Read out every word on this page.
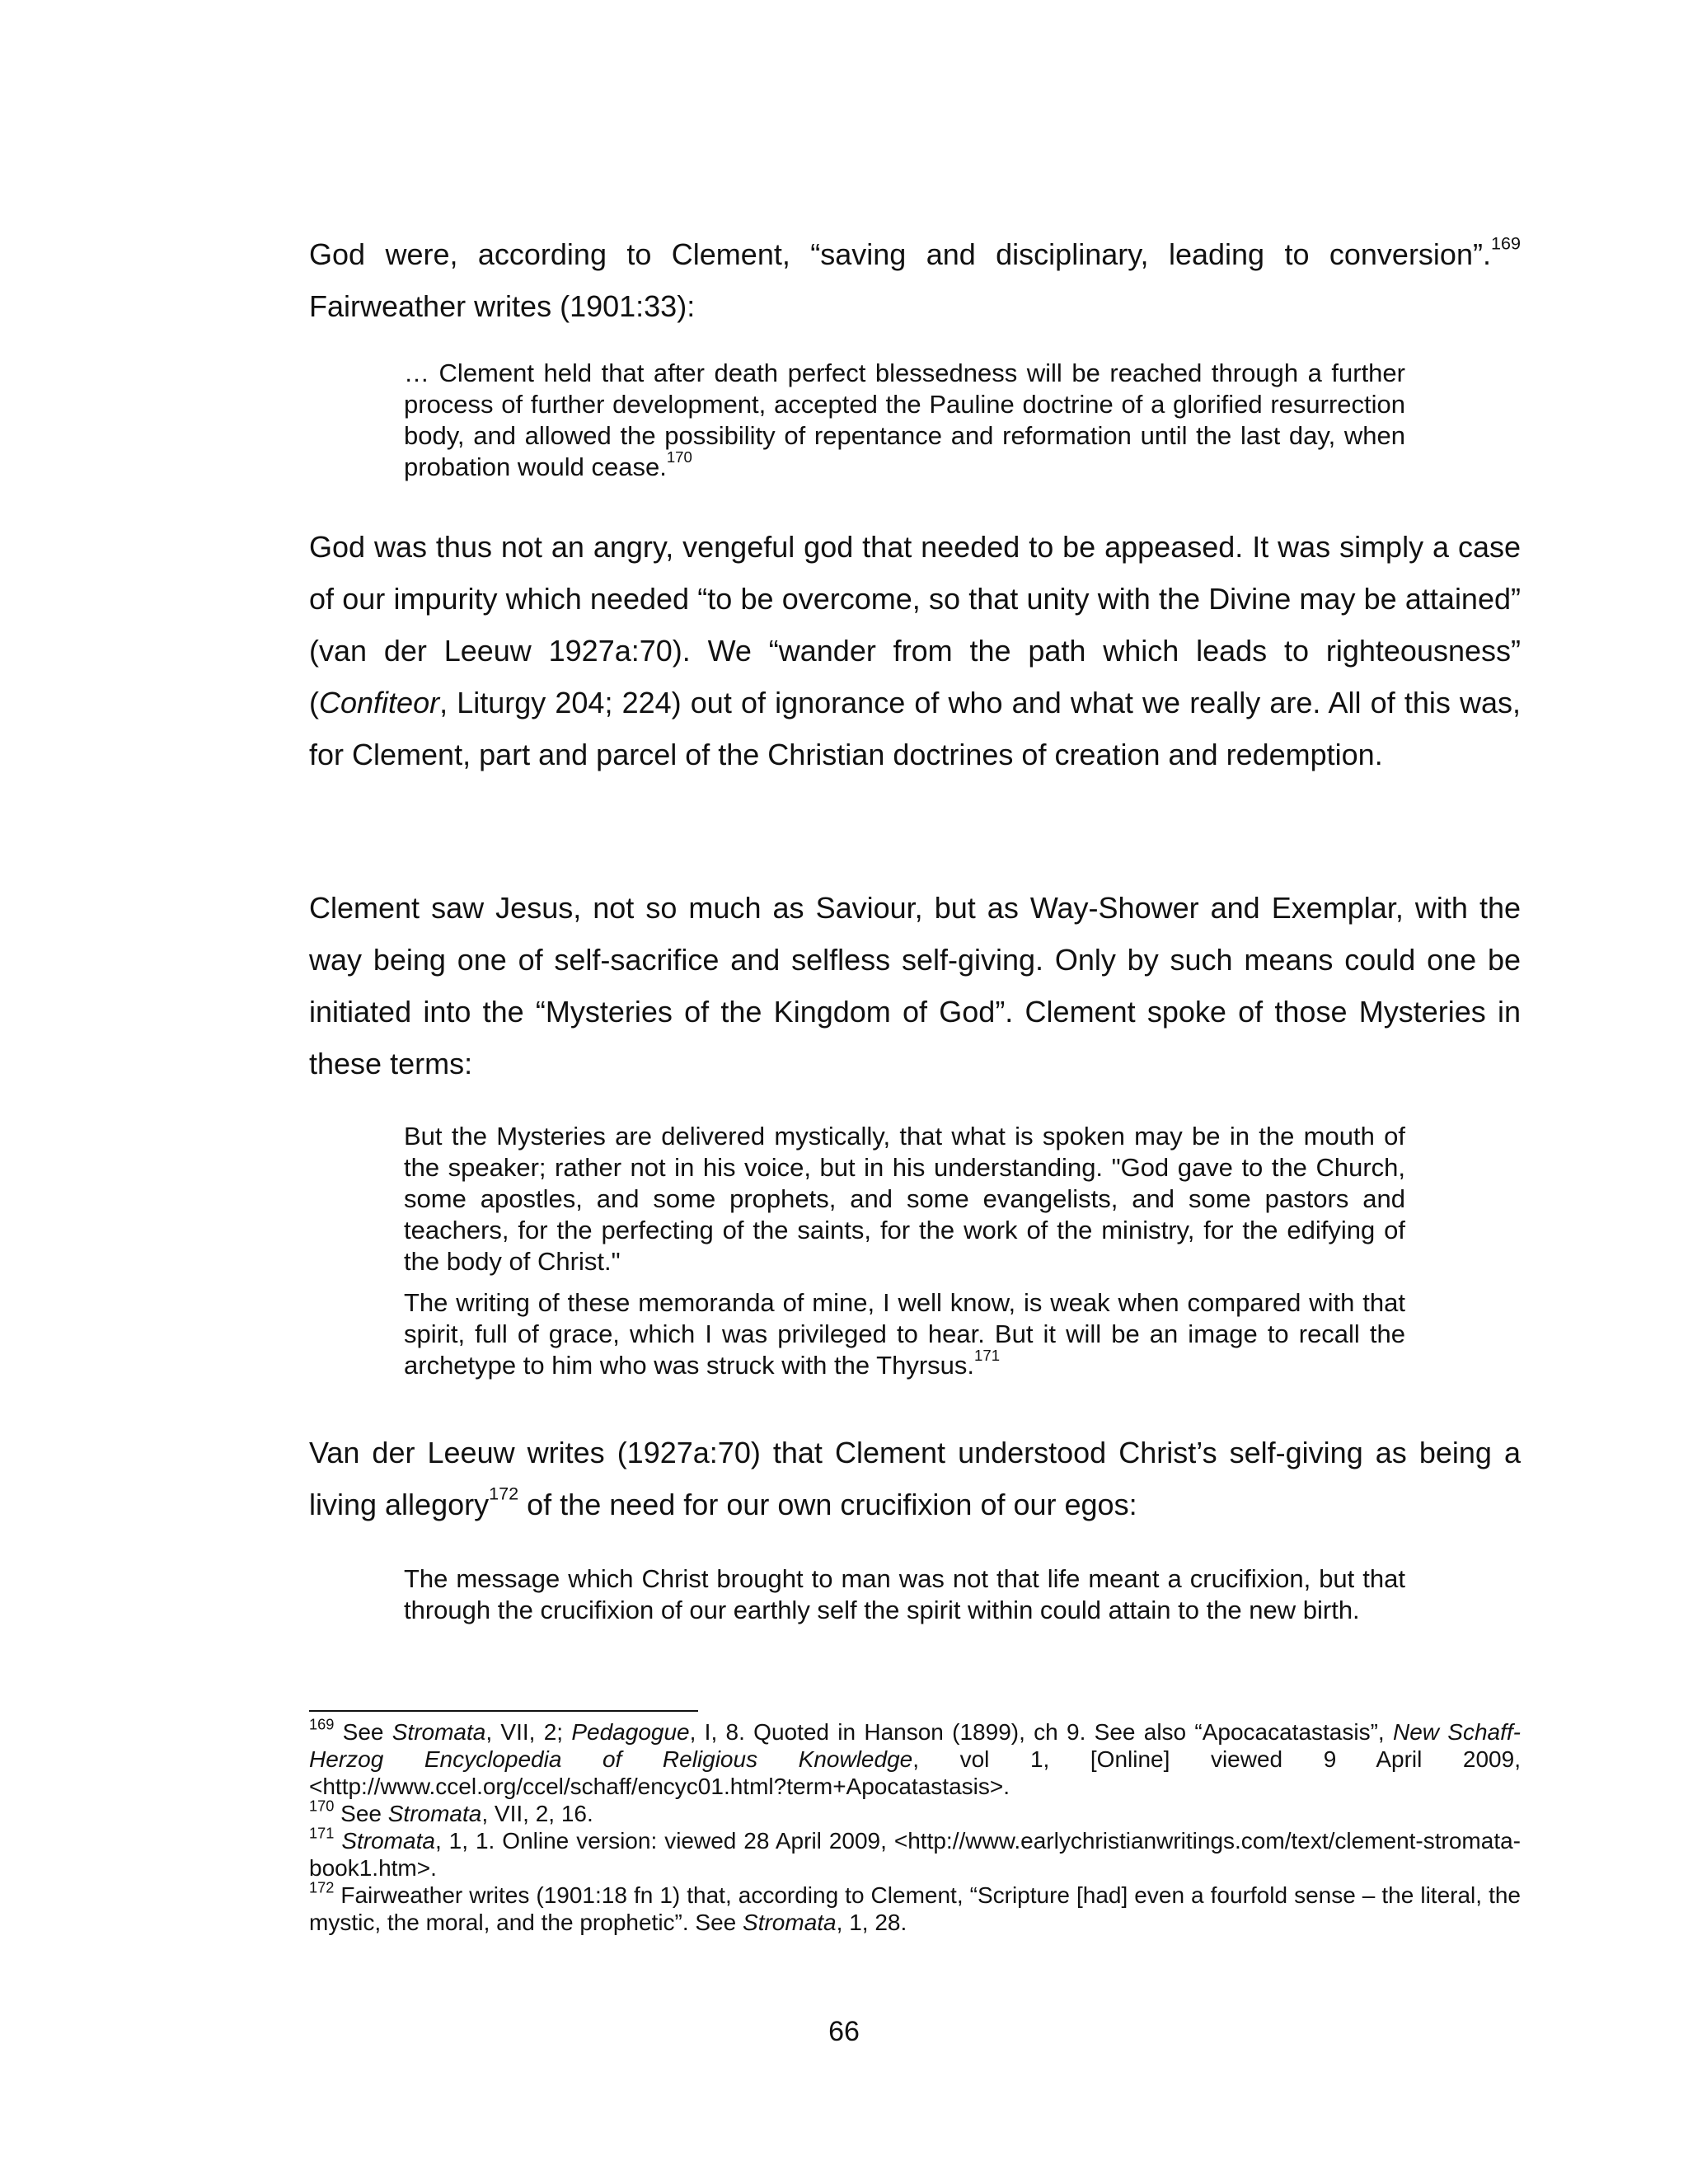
God were, according to Clement, “saving and disciplinary, leading to conversion”.$^{169}$ Fairweather writes (1901:33):

… Clement held that after death perfect blessedness will be reached through a further process of further development, accepted the Pauline doctrine of a glorified resurrection body, and allowed the possibility of repentance and reformation until the last day, when probation would cease.$^{170}$

God was thus not an angry, vengeful god that needed to be appeased. It was simply a case of our impurity which needed “to be overcome, so that unity with the Divine may be attained” (van der Leeuw 1927a:70). We “wander from the path which leads to righteousness” (Confiteor, Liturgy 204; 224) out of ignorance of who and what we really are. All of this was, for Clement, part and parcel of the Christian doctrines of creation and redemption.

Clement saw Jesus, not so much as Saviour, but as Way-Shower and Exemplar, with the way being one of self-sacrifice and selfless self-giving. Only by such means could one be initiated into the “Mysteries of the Kingdom of God”. Clement spoke of those Mysteries in these terms:

But the Mysteries are delivered mystically, that what is spoken may be in the mouth of the speaker; rather not in his voice, but in his understanding. "God gave to the Church, some apostles, and some prophets, and some evangelists, and some pastors and teachers, for the perfecting of the saints, for the work of the ministry, for the edifying of the body of Christ."

The writing of these memoranda of mine, I well know, is weak when compared with that spirit, full of grace, which I was privileged to hear. But it will be an image to recall the archetype to him who was struck with the Thyrsus.$^{171}$

Van der Leeuw writes (1927a:70) that Clement understood Christ’s self-giving as being a living allegory$^{172}$ of the need for our own crucifixion of our egos:

The message which Christ brought to man was not that life meant a crucifixion, but that through the crucifixion of our earthly self the spirit within could attain to the new birth.

$^{169}$ See Stromata, VII, 2; Pedagogue, I, 8. Quoted in Hanson (1899), ch 9. See also “Apocacatastasis”, New Schaff-Herzog Encyclopedia of Religious Knowledge, vol 1, [Online] viewed 9 April 2009, <http://www.ccel.org/ccel/schaff/encyc01.html?term+Apocatastasis>.

$^{170}$ See Stromata, VII, 2, 16.

$^{171}$ Stromata, 1, 1. Online version: viewed 28 April 2009, <http://www.earlychristianwritings.com/text/clement-stromata-book1.htm>.

$^{172}$ Fairweather writes (1901:18 fn 1) that, according to Clement, “Scripture [had] even a fourfold sense – the literal, the mystic, the moral, and the prophetic”. See Stromata, 1, 28.

66
